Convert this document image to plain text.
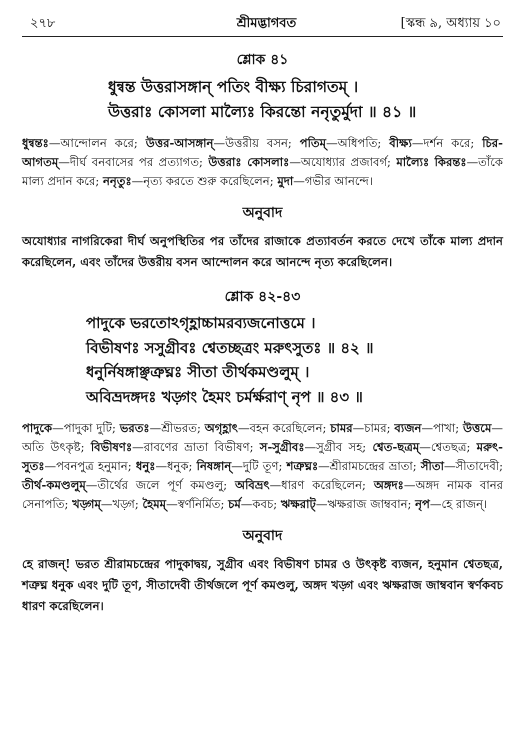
২৭৮	শ্রীমদ্ভাগবত	[স্কন্ধ ৯, অধ্যায় ১০
শ্লোক ৪১
ধুন্বন্ত উত্তরাসঙ্গান্ পতিং বীক্ষ্য চিরাগতম্ ।
উত্তরাঃ কোসলা মাল্যৈঃ কিরন্তো ননৃতুর্মুদা ॥ ৪১ ॥
ধুন্বন্তঃ—আন্দোলন করে; উত্তর-আসঙ্গান্—উত্তরীয় বসন; পতিম্—অধিপতি; বীক্ষ্য—দর্শন করে; চির-আগতম্—দীর্ঘ বনবাসের পর প্রত্যাগত; উত্তরাঃ কোসলাঃ—অযোধ্যার প্রজাবর্গ; মাল্যৈঃ কিরন্তঃ—তাঁকে মাল্য প্রদান করে; ননৃতুঃ—নৃত্য করতে শুরু করেছিলেন; মুদা—গভীর আনন্দে।
অনুবাদ
অযোধ্যার নাগরিকেরা দীর্ঘ অনুপস্থিতির পর তাঁদের রাজাকে প্রত্যাবর্তন করতে দেখে তাঁকে মাল্য প্রদান করেছিলেন, এবং তাঁদের উত্তরীয় বসন আন্দোলন করে আনন্দে নৃত্য করেছিলেন।
শ্লোক ৪২-৪৩
পাদুকে ভরতোঽগৃহ্ণাচ্চামরব্যজনোত্তমে ।
বিভীষণঃ সসুগ্রীবঃ শ্বেতচ্ছত্রং মরুৎসুতঃ ॥ ৪২ ॥
ধনুর্নিষঙ্গাঞ্ছত্রুঘ্নঃ সীতা তীর্থকমণ্ডলুম্ ।
অবিভ্রদঙ্গদঃ খড়্গং হৈমং চর্মর্ক্ষরাণ্ নৃপ ॥ ৪৩ ॥
পাদুকে—পাদুকা দুটি; ভরতঃ—শ্রীভরত; অগৃহ্ণাৎ—বহন করেছিলেন; চামর—চামর; ব্যজন—পাখা; উত্তমে—অতি উৎকৃষ্ট; বিভীষণঃ—রাবণের ভ্রাতা বিভীষণ; স-সুগ্রীবঃ—সুগ্রীব সহ; শ্বেত-ছত্রম্—শ্বেতছত্র; মরুৎ-সুতঃ—পবনপুত্র হনুমান; ধনুঃ—ধনুক; নিষঙ্গান্—দুটি তূণ; শত্রুঘ্নঃ—শ্রীরামচন্দ্রের ভ্রাতা; সীতা—সীতাদেবী; তীর্থ-কমণ্ডলুম্—তীর্থের জলে পূর্ণ কমণ্ডলু; অবিভ্রৎ—ধারণ করেছিলেন; অঙ্গদঃ—অঙ্গদ নামক বানর সেনাপতি; খড়্গম্—খড়্গ; হৈমম্—স্বর্ণনির্মিত; চর্ম—কবচ; ঋক্ষরাট্—ঋক্ষরাজ জাম্ববান; নৃপ—হে রাজন্।
অনুবাদ
হে রাজন্! ভরত শ্রীরামচন্দ্রের পাদুকাদ্বয়, সুগ্রীব এবং বিভীষণ চামর ও উৎকৃষ্ট ব্যজন, হনুমান শ্বেতছত্র, শত্রুঘ্ন ধনুক এবং দুটি তূণ, সীতাদেবী তীর্থজলে পূর্ণ কমণ্ডলু, অঙ্গদ খড়্গ এবং ঋক্ষরাজ জাম্ববান স্বর্ণকবচ ধারণ করেছিলেন।
